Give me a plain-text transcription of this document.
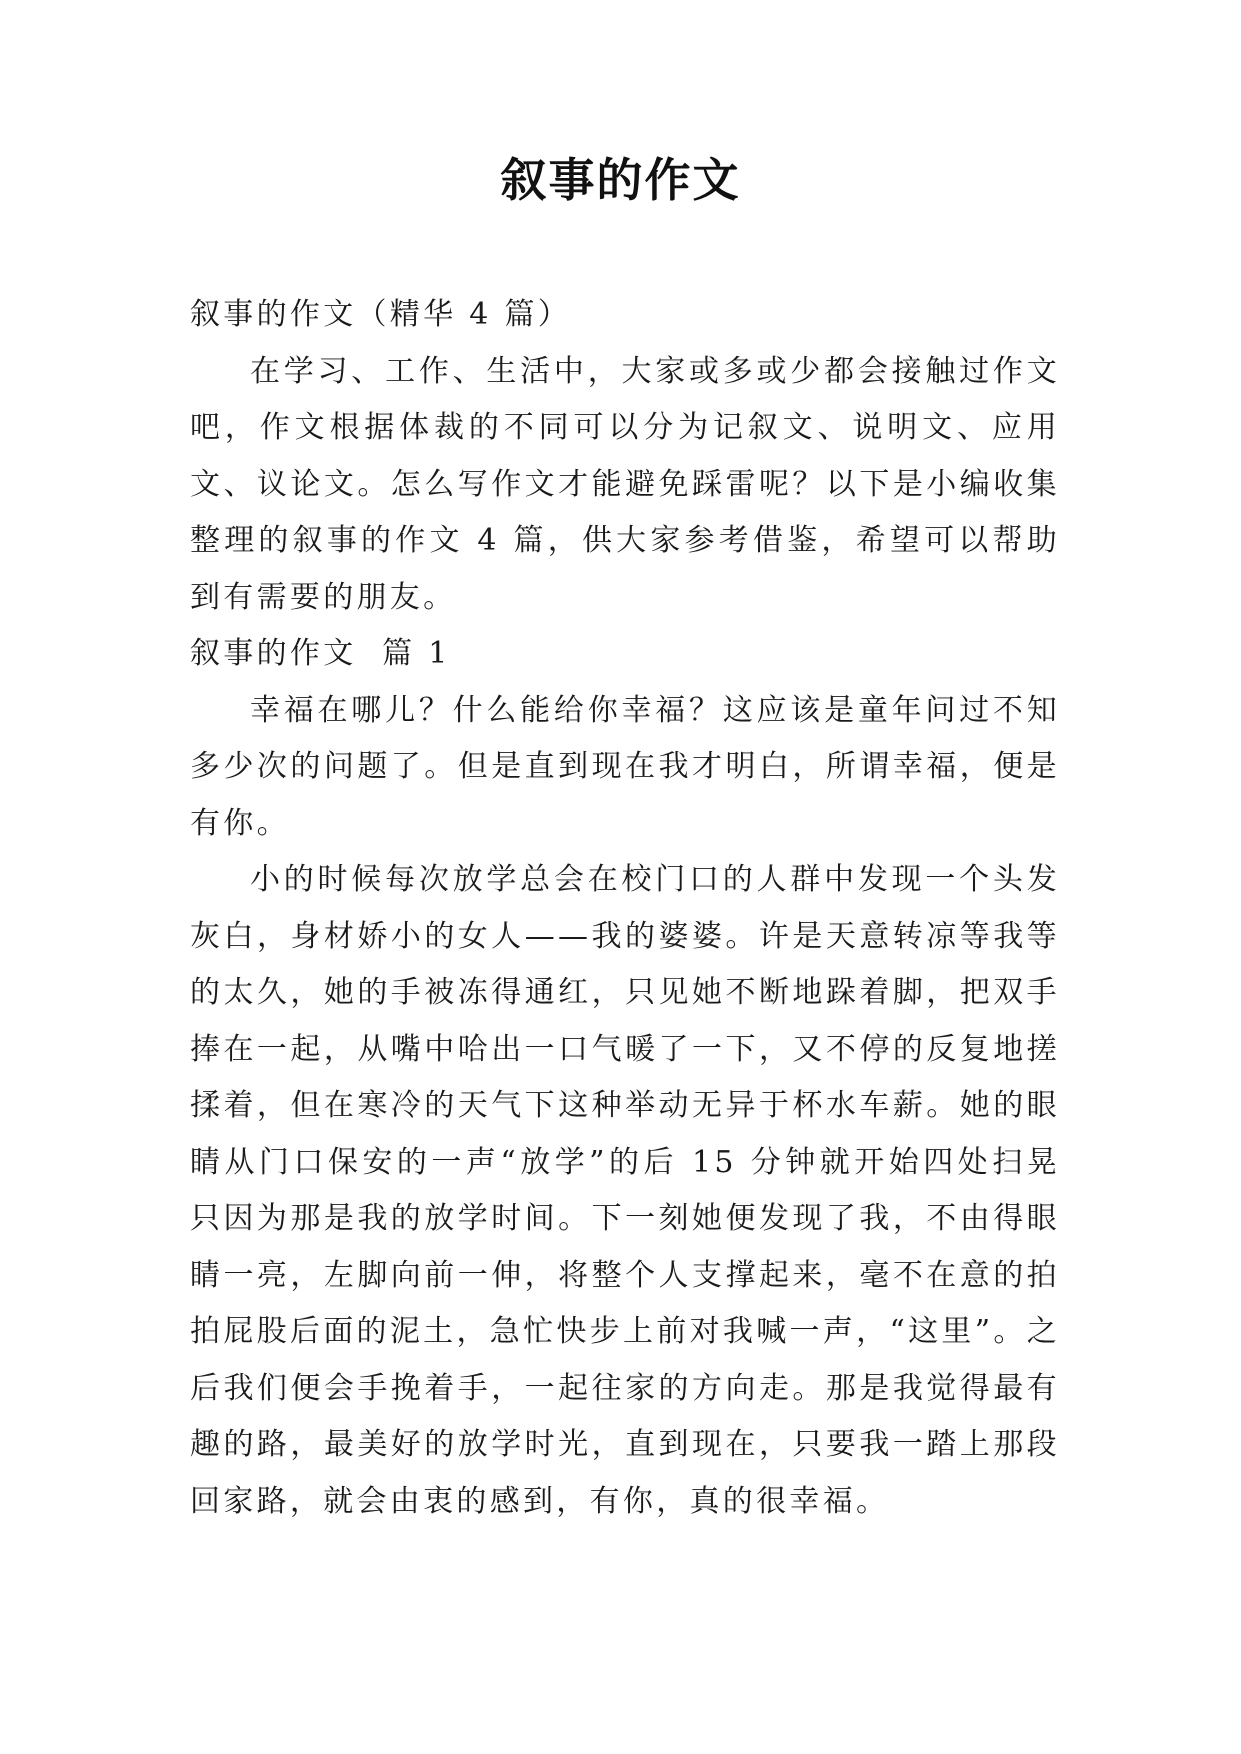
叙事的作文

叙事的作文（精华 4 篇）

在学习、工作、生活中，大家或多或少都会接触过作文吧，作文根据体裁的不同可以分为记叙文、说明文、应用文、议论文。怎么写作文才能避免踩雷呢？以下是小编收集整理的叙事的作文 4 篇，供大家参考借鉴，希望可以帮助到有需要的朋友。

叙事的作文  篇 1

幸福在哪儿？什么能给你幸福？这应该是童年问过不知多少次的问题了。但是直到现在我才明白，所谓幸福，便是有你。

小的时候每次放学总会在校门口的人群中发现一个头发灰白，身材娇小的女人——我的婆婆。许是天意转凉等我等的太久，她的手被冻得通红，只见她不断地跺着脚，把双手捧在一起，从嘴中哈出一口气暖了一下，又不停的反复地搓揉着，但在寒冷的天气下这种举动无异于杯水车薪。她的眼睛从门口保安的一声“放学”的后 15 分钟就开始四处扫晃只因为那是我的放学时间。下一刻她便发现了我，不由得眼睛一亮，左脚向前一伸，将整个人支撑起来，毫不在意的拍拍屁股后面的泥土，急忙快步上前对我喊一声，“这里”。之后我们便会手挽着手，一起往家的方向走。那是我觉得最有趣的路，最美好的放学时光，直到现在，只要我一踏上那段回家路，就会由衷的感到，有你，真的很幸福。
